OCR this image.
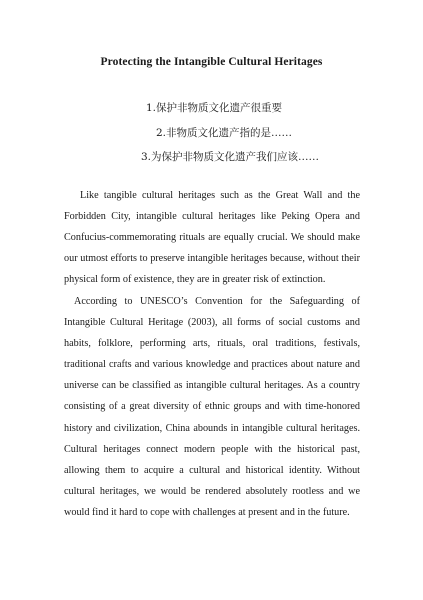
Protecting the Intangible Cultural Heritages
1.保护非物质文化遗产很重要
2.非物质文化遗产指的是……
3.为保护非物质文化遗产我们应该……

Like tangible cultural heritages such as the Great Wall and the Forbidden City, intangible cultural heritages like Peking Opera and Confucius-commemorating rituals are equally crucial. We should make our utmost efforts to preserve intangible heritages because, without their physical form of existence, they are in greater risk of extinction.

According to UNESCO’s Convention for the Safeguarding of Intangible Cultural Heritage (2003), all forms of social customs and habits, folklore, performing arts, rituals, oral traditions, festivals, traditional crafts and various knowledge and practices about nature and universe can be classified as intangible cultural heritages. As a country consisting of a great diversity of ethnic groups and with time-honored history and civilization, China abounds in intangible cultural heritages. Cultural heritages connect modern people with the historical past, allowing them to acquire a cultural and historical identity. Without cultural heritages, we would be rendered absolutely rootless and we would find it hard to cope with challenges at present and in the future.
